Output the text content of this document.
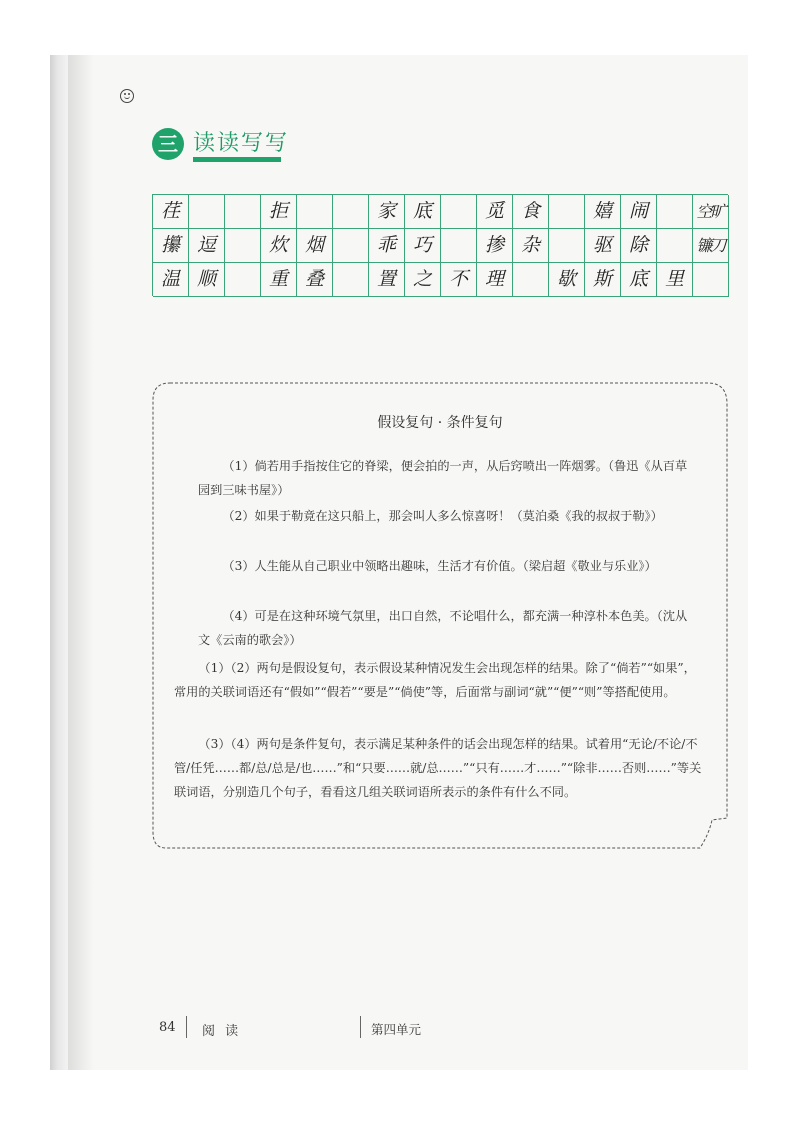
三 读读写写
荏	拒	家 底	觅 食	嬉 闹	空旷
攥 逗	炊 烟	乖 巧	掺 杂	驱 除	镰刀
温 顺	重 叠	置 之 不 理	歇 斯 底 里
假设复句 · 条件复句
（1）倘若用手指按住它的脊梁，便会拍的一声，从后窍喷出一阵烟雾。（鲁迅《从百草园到三味书屋》）
（2）如果于勒竟在这只船上，那会叫人多么惊喜呀！（莫泊桑《我的叔叔于勒》）
（3）人生能从自己职业中领略出趣味，生活才有价值。（梁启超《敬业与乐业》）
（4）可是在这种环境气氛里，出口自然，不论唱什么，都充满一种淳朴本色美。（沈从文《云南的歌会》）
（1）（2）两句是假设复句，表示假设某种情况发生会出现怎样的结果。除了“倘若”“如果”，常用的关联词语还有“假如”“假若”“要是”“倘使”等，后面常与副词“就”“便”“则”等搭配使用。
（3）（4）两句是条件复句，表示满足某种条件的话会出现怎样的结果。试着用“无论/不论/不管/任凭……都/总/总是/也……”和“只要……就/总……”“只有……才……”“除非……否则……”等关联词语，分别造几个句子，看看这几组关联词语所表示的条件有什么不同。
84 阅 读	第四单元
